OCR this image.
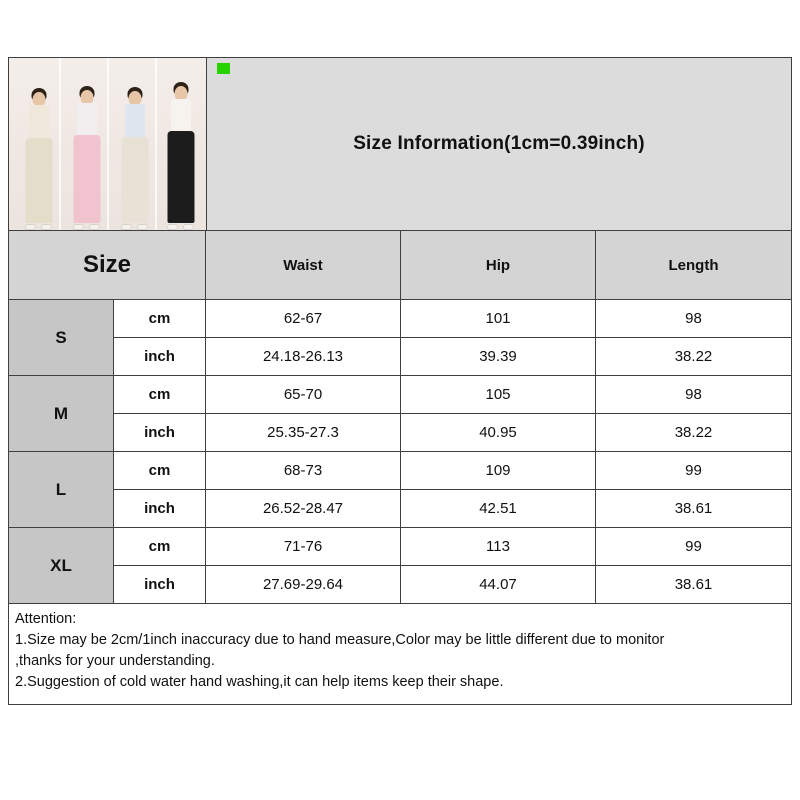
Size Information(1cm=0.39inch)
Size	Waist	Hip	Length
S
cm	62-67	101	98
inch	24.18-26.13	39.39	38.22
M
cm	65-70	105	98
inch	25.35-27.3	40.95	38.22
L
cm	68-73	109	99
inch	26.52-28.47	42.51	38.61
XL
cm	71-76	113	99
inch	27.69-29.64	44.07	38.61
Attention:
1.Size may be 2cm/1inch inaccuracy due to hand measure,Color may be little different due to monitor
,thanks for your understanding.
2.Suggestion of cold water hand washing,it can help items keep their shape.
